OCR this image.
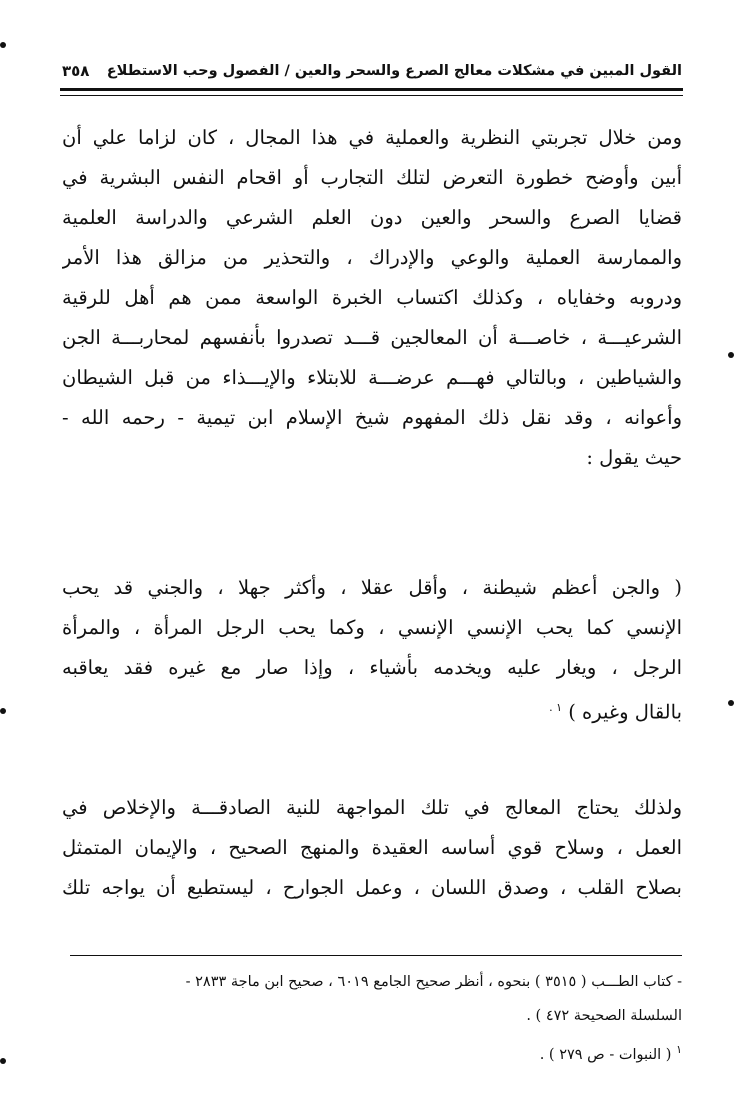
القول المبين في مشكلات معالج الصرع والسحر والعين / الفصول وحب الاستطلاع
٣٥٨
ومن خلال تجربتي النظرية والعملية في هذا المجال ، كان لزاما علي أن
أبين وأوضح خطورة التعرض لتلك التجارب أو اقحام النفس البشرية في
قضايا الصرع والسحر والعين دون العلم الشرعي والدراسة العلمية
والممارسة العملية والوعي والإدراك ، والتحذير من مزالق هذا الأمر
ودروبه وخفاياه ، وكذلك اكتساب الخبرة الواسعة ممن هم أهل للرقية
الشرعيـــة ، خاصـــة أن المعالجين قـــد تصدروا بأنفسهم لمحاربـــة الجن
والشياطين ، وبالتالي فهـــم عرضـــة للابتلاء والإيـــذاء من قبل الشيطان
وأعوانه ، وقد نقل ذلك المفهوم شيخ الإسلام ابن تيمية - رحمه الله -
حيث يقول :
( والجن أعظم شيطنة ، وأقل عقلا ، وأكثر جهلا ، والجني قد يحب
الإنسي كما يحب الإنسي الإنسي ، وكما يحب الرجل المرأة ، والمرأة
الرجل ، ويغار عليه ويخدمه بأشياء ، وإذا صار مع غيره فقد يعاقبه
بالقال وغيره ) $^{١ .}$
ولذلك يحتاج المعالج في تلك المواجهة للنية الصادقـــة والإخلاص في
العمل ، وسلاح قوي أساسه العقيدة والمنهج الصحيح ، والإيمان المتمثل
بصلاح القلب ، وصدق اللسان ، وعمل الجوارح ، ليستطيع أن يواجه تلك
- كتاب الطـــب ( ٣٥١٥ ) بنحوه ، أنظر صحيح الجامع ٦٠١٩ ، صحيح ابن ماجة ٢٨٣٣ -
السلسلة الصحيحة ٤٧٢ ) .
$^١$ ( النبوات - ص ٢٧٩ ) .
